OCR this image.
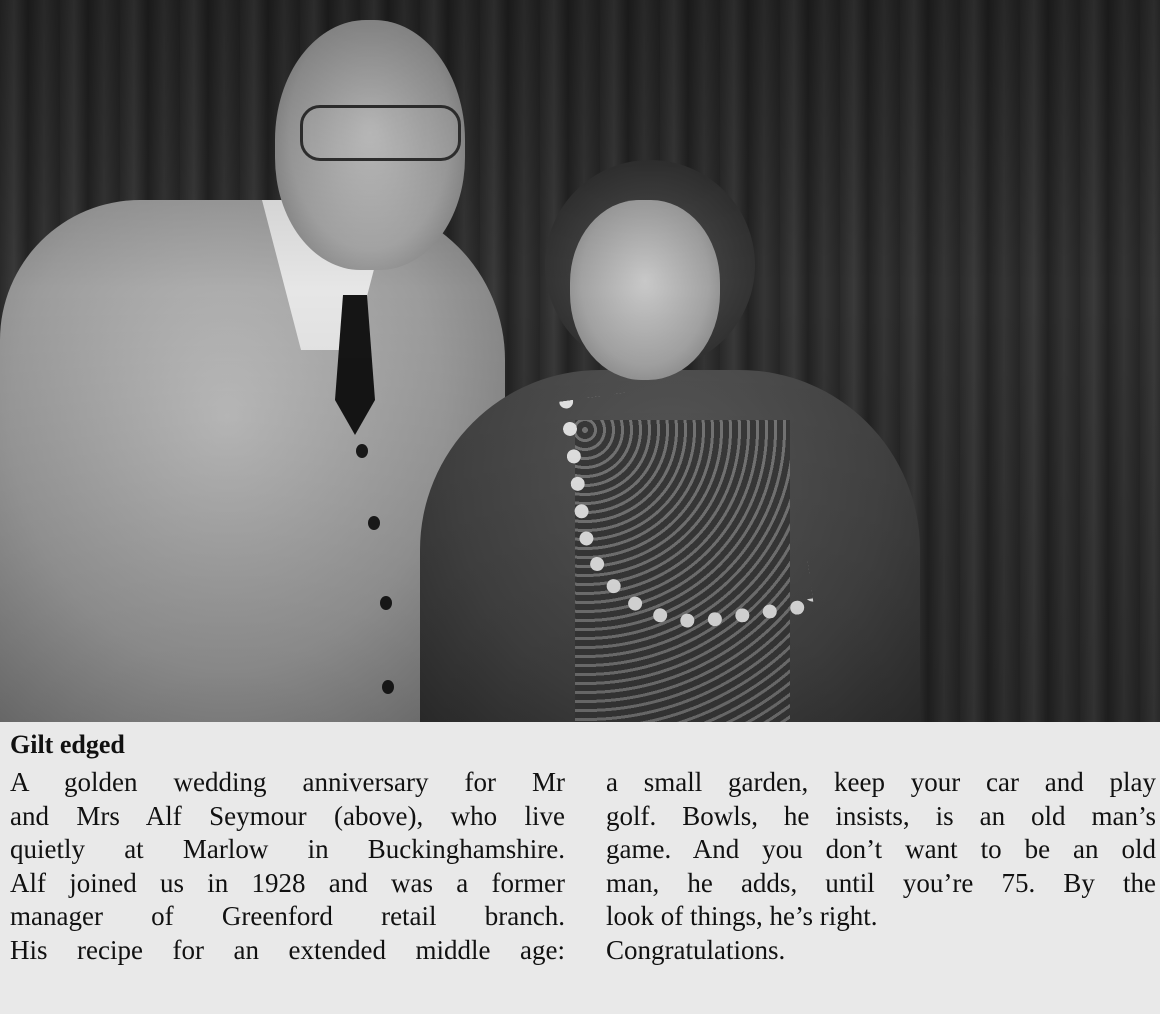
Gilt edged
A golden wedding anniversary for Mr
and Mrs Alf Seymour (above), who live
quietly at Marlow in Buckinghamshire.
Alf joined us in 1928 and was a former
manager of Greenford retail branch.
His recipe for an extended middle age:
a small garden, keep your car and play
golf. Bowls, he insists, is an old man’s
game. And you don’t want to be an old
man, he adds, until you’re 75. By the
look of things, he’s right.
Congratulations.
